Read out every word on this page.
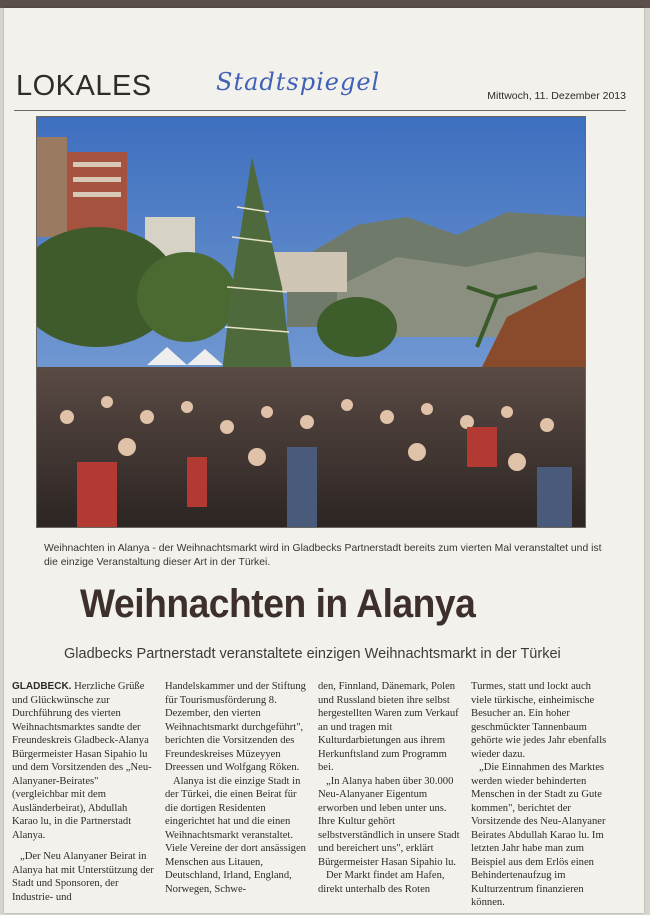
LOKALES	Stadtspiegel	Mittwoch, 11. Dezember 2013
Weihnachten in Alanya - der Weihnachtsmarkt wird in Gladbecks Partnerstadt bereits zum vierten Mal veranstaltet und ist die einzige Veranstaltung dieser Art in der Türkei.
Weihnachten in Alanya
Gladbecks Partnerstadt veranstaltete einzigen Weihnachtsmarkt in der Türkei

GLADBECK. Herzliche Grüße und Glückwünsche zur Durchführung des vierten Weihnachtsmarktes sandte der Freundeskreis Gladbeck-Alanya Bürgermeister Hasan Sipahio lu und dem Vorsitzenden des „Neu-Alanyaner-Beirates" (vergleichbar mit dem Ausländerbeirat), Abdullah Karao lu, in die Partnerstadt Alanya.

„Der Neu Alanyaner Beirat in Alanya hat mit Unterstützung der Stadt und Sponsoren, der Industrie- und

Handelskammer und der Stiftung für Tourismusförderung 8. Dezember, den vierten Weihnachtsmarkt durchgeführt", berichten die Vorsitzenden des Freundeskreises Müzeyyen Dreessen und Wolfgang Röken.

Alanya ist die einzige Stadt in der Türkei, die einen Beirat für die dortigen Residenten eingerichtet hat und die einen Weihnachtsmarkt veranstaltet. Viele Vereine der dort ansässigen Menschen aus Litauen, Deutschland, Irland, England, Norwegen, Schwe-

den, Finnland, Dänemark, Polen und Russland bieten ihre selbst hergestellten Waren zum Verkauf an und tragen mit Kulturdarbietungen aus ihrem Herkunftsland zum Programm bei.

„In Alanya haben über 30.000 Neu-Alanyaner Eigentum erworben und leben unter uns. Ihre Kultur gehört selbstverständlich in unsere Stadt und bereichert uns", erklärt Bürgermeister Hasan Sipahio lu.

Der Markt findet am Hafen, direkt unterhalb des Roten

Turmes, statt und lockt auch viele türkische, einheimische Besucher an. Ein hoher geschmückter Tannenbaum gehörte wie jedes Jahr ebenfalls wieder dazu.

„Die Einnahmen des Marktes werden wieder behinderten Menschen in der Stadt zu Gute kommen", berichtet der Vorsitzende des Neu-Alanyaner Beirates Abdullah Karao lu. Im letzten Jahr habe man zum Beispiel aus dem Erlös einen Behindertenaufzug im Kulturzentrum finanzieren können.
